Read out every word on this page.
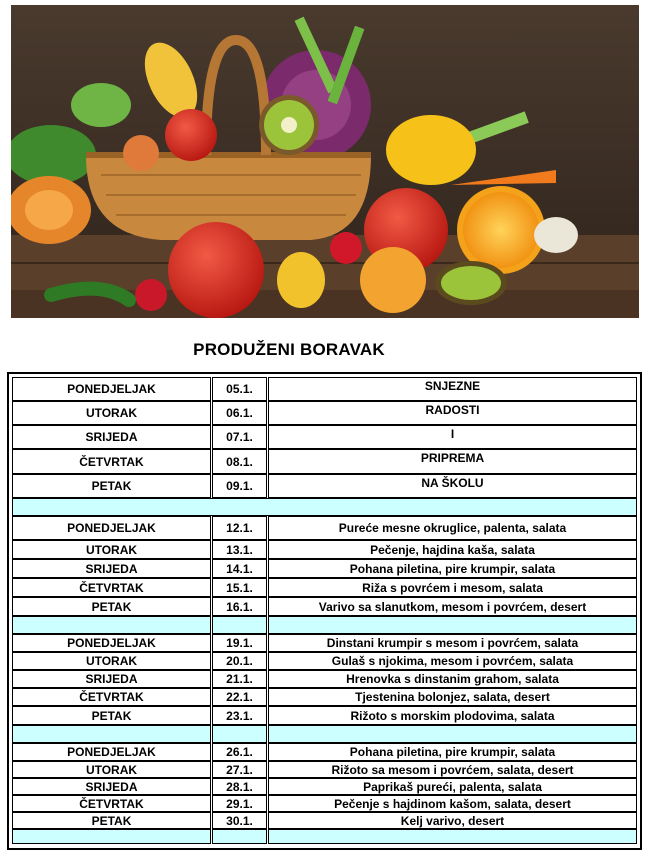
PRODUŽENI BORAVAK
PONEDJELJAK	05.1.	SNJEZNE
UTORAK	06.1.	RADOSTI
SRIJEDA	07.1.	I
ČETVRTAK	08.1.	PRIPREMA
PETAK	09.1.	NA ŠKOLU
PONEDJELJAK	12.1.	Pureće mesne okruglice, palenta, salata
UTORAK	13.1.	Pečenje, hajdina kaša, salata
SRIJEDA	14.1.	Pohana piletina, pire krumpir, salata
ČETVRTAK	15.1.	Riža s povrćem i mesom, salata
PETAK	16.1.	Varivo sa slanutkom, mesom i povrćem, desert
PONEDJELJAK	19.1.	Dinstani krumpir s mesom i povrćem, salata
UTORAK	20.1.	Gulaš s njokima, mesom i povrćem, salata
SRIJEDA	21.1.	Hrenovka s dinstanim grahom, salata
ČETVRTAK	22.1.	Tjestenina bolonjez, salata, desert
PETAK	23.1.	Rižoto s morskim plodovima, salata
PONEDJELJAK	26.1.	Pohana piletina, pire krumpir, salata
UTORAK	27.1.	Rižoto sa mesom i povrćem, salata, desert
SRIJEDA	28.1.	Paprikaš pureći, palenta, salata
ČETVRTAK	29.1.	Pečenje s hajdinom kašom, salata, desert
PETAK	30.1.	Kelj varivo, desert
